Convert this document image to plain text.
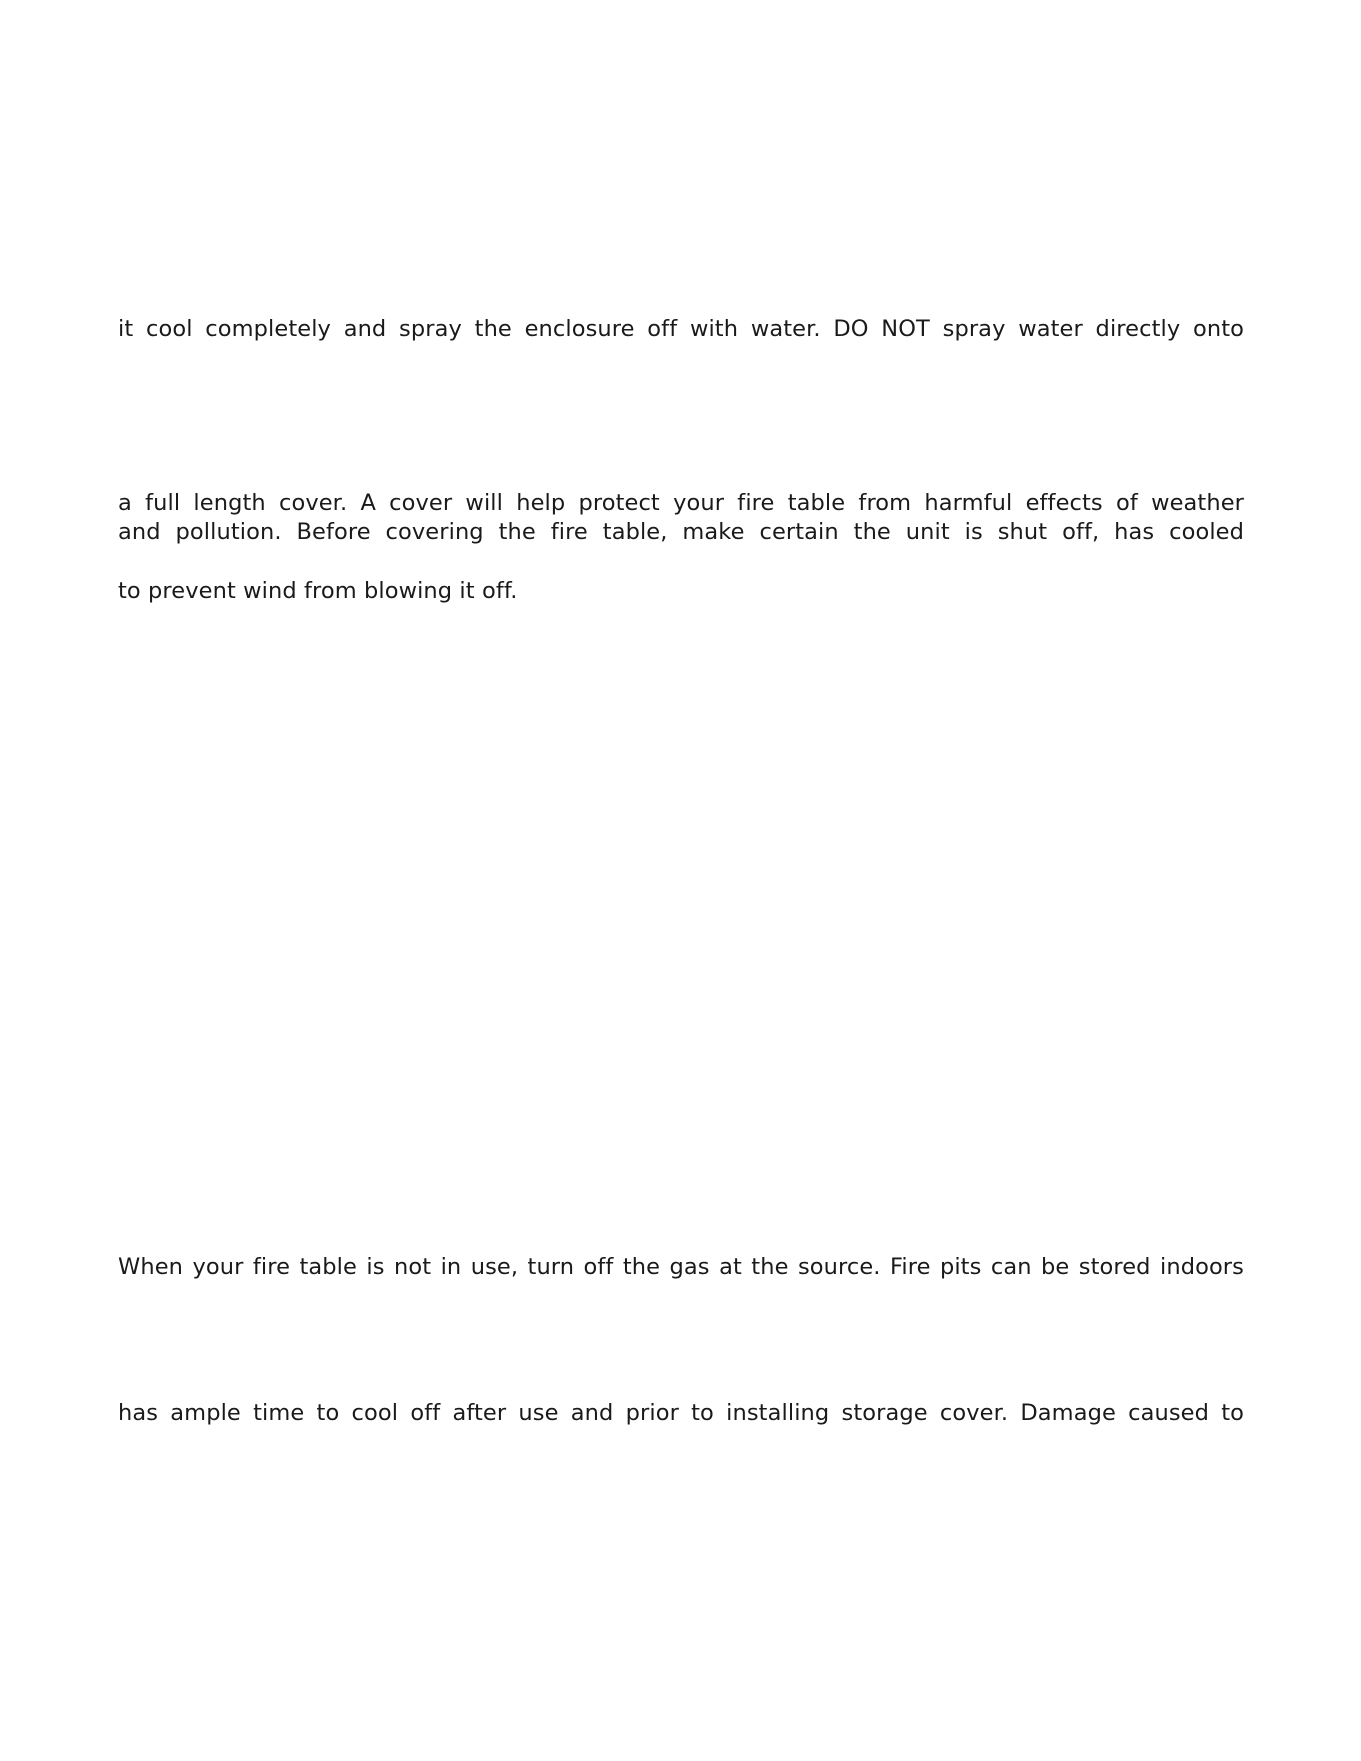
it cool completely and spray the enclosure off with water. DO NOT spray water directly onto
a full length cover. A cover will help protect your fire table from harmful effects of weather
and pollution. Before covering the fire table, make certain the unit is shut off, has cooled
to prevent wind from blowing it off.
When your fire table is not in use, turn off the gas at the source. Fire pits can be stored indoors
has ample time to cool off after use and prior to installing storage cover. Damage caused to
